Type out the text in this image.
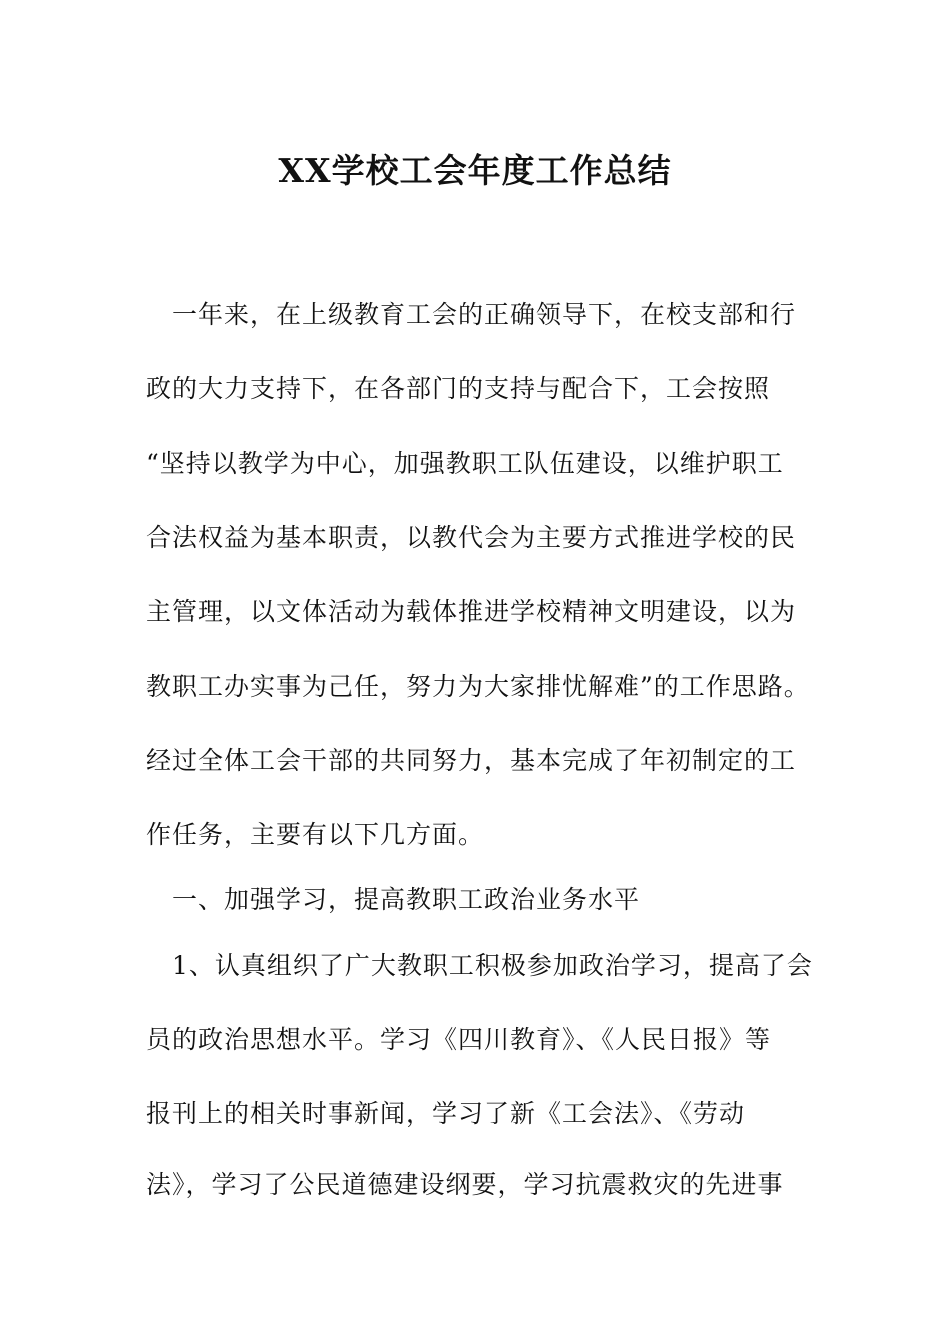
XX学校工会年度工作总结
　一年来，在上级教育工会的正确领导下，在校支部和行
政的大力支持下，在各部门的支持与配合下，工会按照
“坚持以教学为中心，加强教职工队伍建设，以维护职工
合法权益为基本职责，以教代会为主要方式推进学校的民
主管理，以文体活动为载体推进学校精神文明建设，以为
教职工办实事为己任，努力为大家排忧解难”的工作思路。
经过全体工会干部的共同努力，基本完成了年初制定的工
作任务，主要有以下几方面。
　一、加强学习，提高教职工政治业务水平
　1、认真组织了广大教职工积极参加政治学习，提高了会
员的政治思想水平。学习《四川教育》、《人民日报》等
报刊上的相关时事新闻，学习了新《工会法》、《劳动
法》，学习了公民道德建设纲要，学习抗震救灾的先进事
